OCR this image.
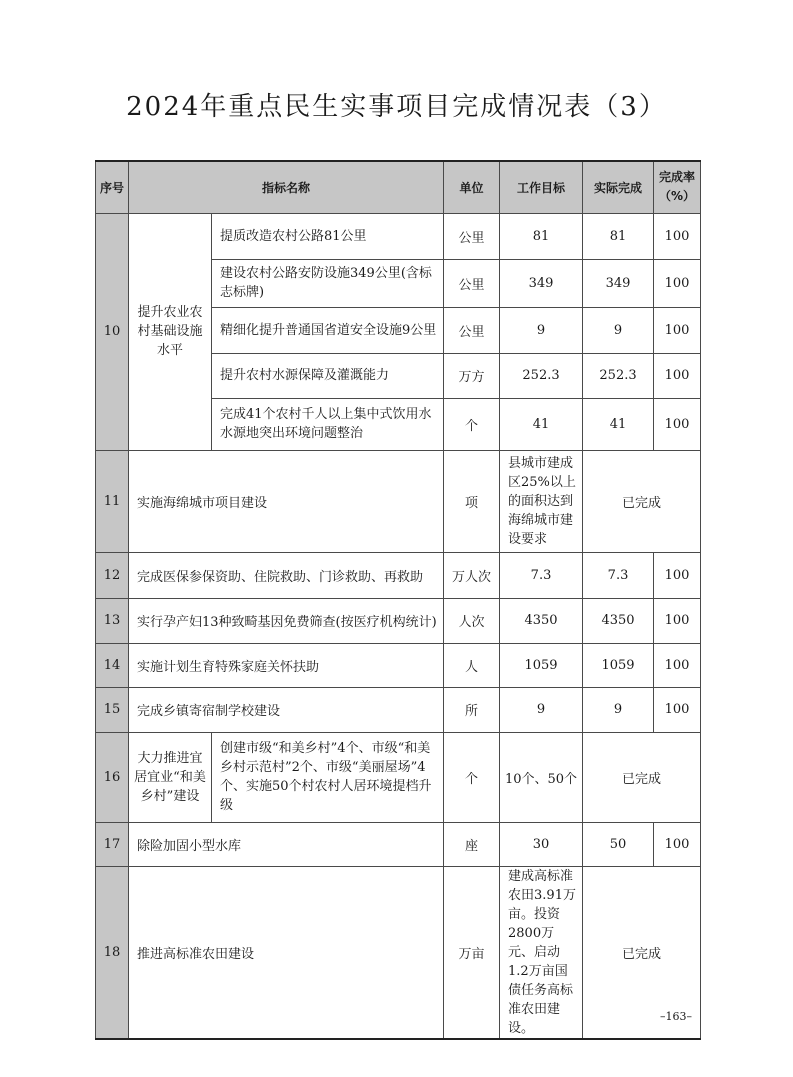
2024年重点民生实事项目完成情况表（3）
序号	指标名称		单位	工作目标	实际完成	完成率（%）
10	提升农业农村基础设施水平	提质改造农村公路81公里	公里	81	81	100
		建设农村公路安防设施349公里(含标志标牌)	公里	349	349	100
		精细化提升普通国省道安全设施9公里	公里	9	9	100
		提升农村水源保障及灌溉能力	万方	252.3	252.3	100
		完成41个农村千人以上集中式饮用水水源地突出环境问题整治	个	41	41	100
11	实施海绵城市项目建设		项	县城市建成区25%以上的面积达到海绵城市建设要求	已完成	
12	完成医保参保资助、住院救助、门诊救助、再救助		万人次	7.3	7.3	100
13	实行孕产妇13种致畸基因免费筛查(按医疗机构统计)		人次	4350	4350	100
14	实施计划生育特殊家庭关怀扶助		人	1059	1059	100
15	完成乡镇寄宿制学校建设		所	9	9	100
16	大力推进宜居宜业“和美乡村”建设	创建市级“和美乡村”4个、市级“和美乡村示范村”2个、市级“美丽屋场”4个、实施50个村农村人居环境提档升级	个	10个、50个	已完成	
17	除险加固小型水库		座	30	50	100
18	推进高标准农田建设		万亩	建成高标准农田3.91万亩。投资2800万元、启动1.2万亩国债任务高标准农田建设。	已完成	
–163–
